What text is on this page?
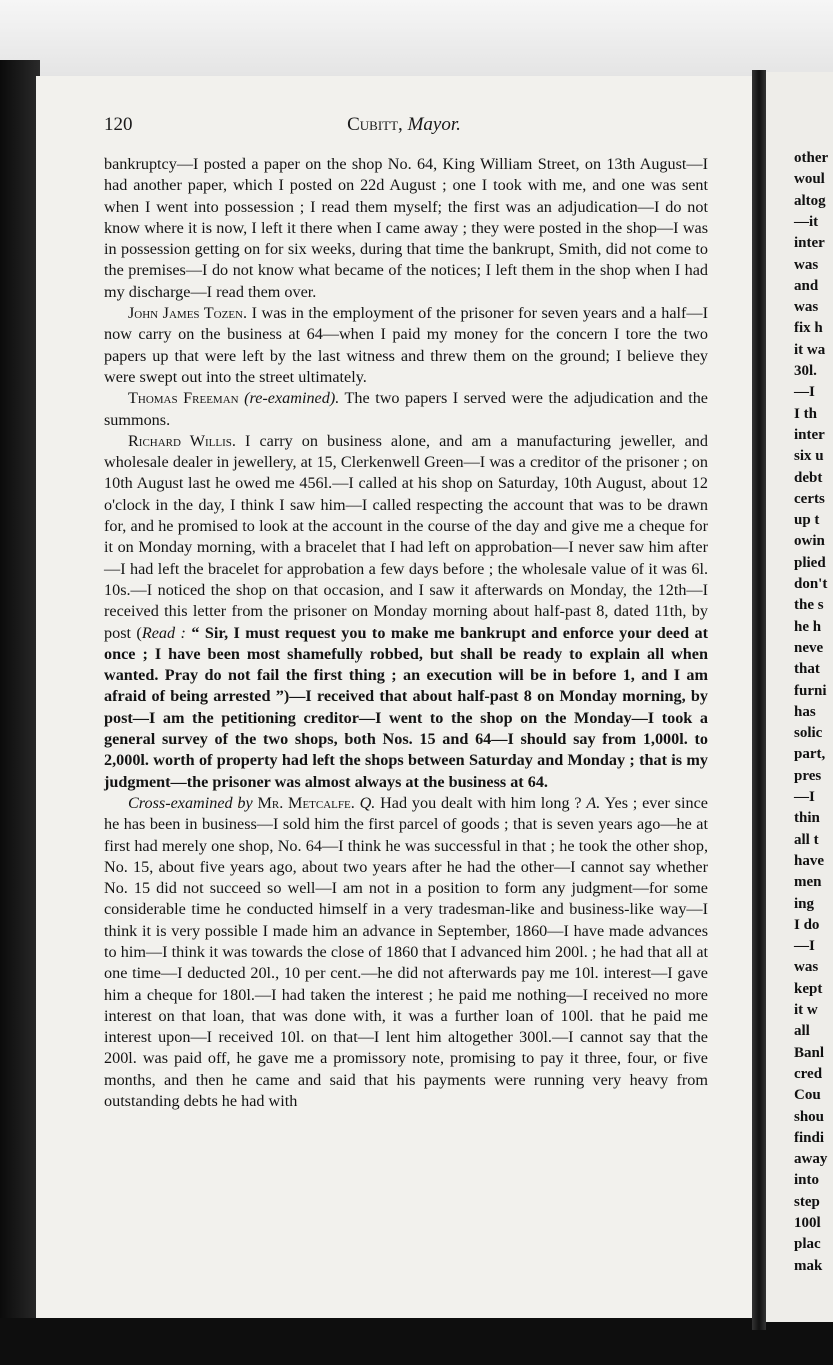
120	Cubitt, Mayor.

bankruptcy—I posted a paper on the shop No. 64, King William Street, on 13th August—I had another paper, which I posted on 22d August ; one I took with me, and one was sent when I went into possession ; I read them myself; the first was an adjudication—I do not know where it is now, I left it there when I came away ; they were posted in the shop—I was in possession getting on for six weeks, during that time the bankrupt, Smith, did not come to the premises—I do not know what became of the notices; I left them in the shop when I had my discharge—I read them over.

John James Tozen. I was in the employment of the prisoner for seven years and a half—I now carry on the business at 64—when I paid my money for the concern I tore the two papers up that were left by the last witness and threw them on the ground; I believe they were swept out into the street ultimately.

Thomas Freeman (re-examined). The two papers I served were the adjudication and the summons.

Richard Willis. I carry on business alone, and am a manufacturing jeweller, and wholesale dealer in jewellery, at 15, Clerkenwell Green—I was a creditor of the prisoner ; on 10th August last he owed me 456l.—I called at his shop on Saturday, 10th August, about 12 o'clock in the day, I think I saw him—I called respecting the account that was to be drawn for, and he promised to look at the account in the course of the day and give me a cheque for it on Monday morning, with a bracelet that I had left on approbation—I never saw him after—I had left the bracelet for approbation a few days before ; the wholesale value of it was 6l. 10s.—I noticed the shop on that occasion, and I saw it afterwards on Monday, the 12th—I received this letter from the prisoner on Monday morning about half-past 8, dated 11th, by post (Read : “ Sir, I must request you to make me bankrupt and enforce your deed at once ; I have been most shamefully robbed, but shall be ready to explain all when wanted. Pray do not fail the first thing ; an execution will be in before 1, and I am afraid of being arrested ”)—I received that about half-past 8 on Monday morning, by post—I am the petitioning creditor—I went to the shop on the Monday—I took a general survey of the two shops, both Nos. 15 and 64—I should say from 1,000l. to 2,000l. worth of property had left the shops between Saturday and Monday ; that is my judgment—the prisoner was almost always at the business at 64.

Cross-examined by Mr. Metcalfe. Q. Had you dealt with him long ? A. Yes ; ever since he has been in business—I sold him the first parcel of goods ; that is seven years ago—he at first had merely one shop, No. 64—I think he was successful in that ; he took the other shop, No. 15, about five years ago, about two years after he had the other—I cannot say whether No. 15 did not succeed so well—I am not in a position to form any judgment—for some considerable time he conducted himself in a very tradesman-like and business-like way—I think it is very possible I made him an advance in September, 1860—I have made advances to him—I think it was towards the close of 1860 that I advanced him 200l. ; he had that all at one time—I deducted 20l., 10 per cent.—he did not afterwards pay me 10l. interest—I gave him a cheque for 180l.—I had taken the interest ; he paid me nothing—I received no more interest on that loan, that was done with, it was a further loan of 100l. that he paid me interest upon—I received 10l. on that—I lent him altogether 300l.—I cannot say that the 200l. was paid off, he gave me a promissory note, promising to pay it three, four, or five months, and then he came and said that his payments were running very heavy from outstanding debts he had with

other
woul
altog
—it
inter
was
and
was
fix h
it wa
30l.
—I
I th
inter
six u
debt
certs
up t
owin
plied
don't
the s
he h
neve
that
furni
has
solic
part,
pres
—I
thin
all t
have
men
ing
I do
—I
was
kept
it w
all
Banl
cred
Cou
shou
findi
away
into
step
100l
plac
mak
